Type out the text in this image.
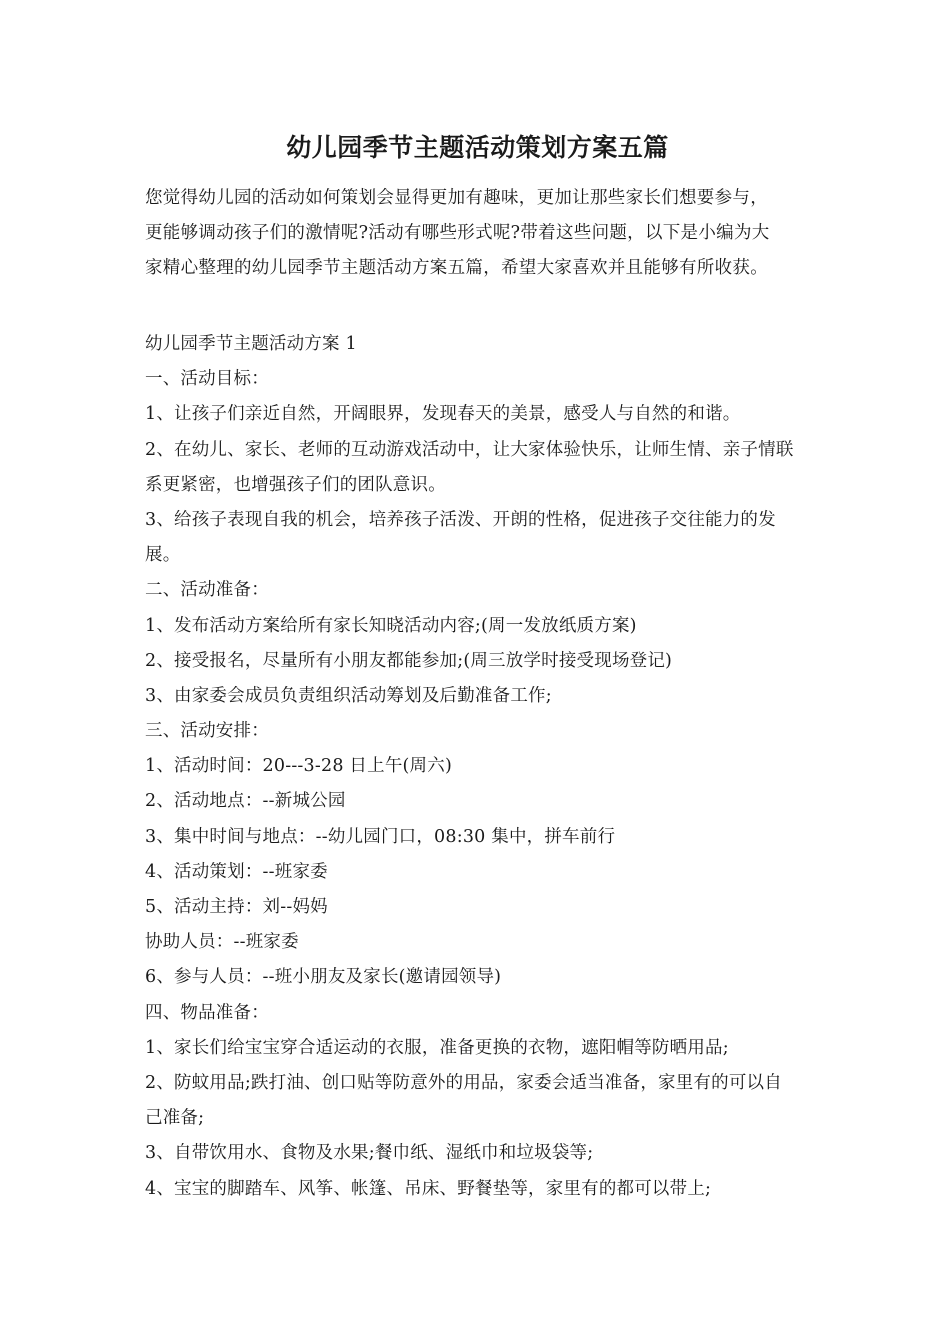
幼儿园季节主题活动策划方案五篇

您觉得幼儿园的活动如何策划会显得更加有趣味，更加让那些家长们想要参与，

更能够调动孩子们的激情呢?活动有哪些形式呢?带着这些问题，以下是小编为大

家精心整理的幼儿园季节主题活动方案五篇，希望大家喜欢并且能够有所收获。

幼儿园季节主题活动方案 1

一、活动目标：

1、让孩子们亲近自然，开阔眼界，发现春天的美景，感受人与自然的和谐。

2、在幼儿、家长、老师的互动游戏活动中，让大家体验快乐，让师生情、亲子情联

系更紧密，也增强孩子们的团队意识。

3、给孩子表现自我的机会，培养孩子活泼、开朗的性格，促进孩子交往能力的发

展。

二、活动准备：

1、发布活动方案给所有家长知晓活动内容;(周一发放纸质方案)

2、接受报名，尽量所有小朋友都能参加;(周三放学时接受现场登记)

3、由家委会成员负责组织活动筹划及后勤准备工作;

三、活动安排：

1、活动时间：20---3-28 日上午(周六)

2、活动地点：--新城公园

3、集中时间与地点：--幼儿园门口，08:30 集中，拼车前行

4、活动策划：--班家委

5、活动主持：刘--妈妈

协助人员：--班家委

6、参与人员：--班小朋友及家长(邀请园领导)

四、物品准备：

1、家长们给宝宝穿合适运动的衣服，准备更换的衣物，遮阳帽等防晒用品;

2、防蚊用品;跌打油、创口贴等防意外的用品，家委会适当准备，家里有的可以自

己准备;

3、自带饮用水、食物及水果;餐巾纸、湿纸巾和垃圾袋等;

4、宝宝的脚踏车、风筝、帐篷、吊床、野餐垫等，家里有的都可以带上;
